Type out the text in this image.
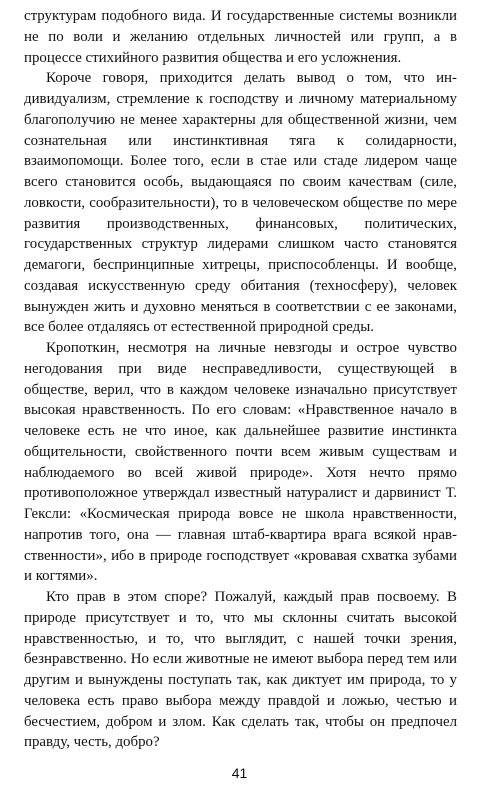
структурам подобного вида. И государственные системы возникли не по воли и желанию отдельных личностей или групп, а в процессе стихийного развития общества и его усложнения.

Короче говоря, приходится делать вывод о том, что индивидуализм, стремление к господству и личному материальному благополучию не менее характерны для общественной жизни, чем сознательная или инстинктивная тяга к солидарности, взаимопомощи. Более того, если в стае или стаде лидером чаще всего становится особь, выдающаяся по своим качествам (силе, ловкости, сообразительности), то в человеческом обществе по мере развития производственных, финансовых, политических, государственных структур лидерами слишком часто становятся демагоги, беспринципные хитрецы, приспособленцы. И вообще, создавая искусственную среду обитания (техносферу), человек вынужден жить и духовно меняться в соответствии с ее законами, все более отдаляясь от естественной природной среды.

Кропоткин, несмотря на личные невзгоды и острое чувство негодования при виде несправедливости, существующей в обществе, верил, что в каждом человеке изначально присутствует высокая нравственность. По его словам: «Нравственное начало в человеке есть не что иное, как дальнейшее развитие инстинкта общительности, свойственного почти всем живым существам и наблюдаемого во всей живой природе». Хотя нечто прямо противоположное утверждал известный натуралист и дарвинист Т. Гексли: «Космическая природа вовсе не школа нравственности, напротив того, она — главная штаб-квартира врага всякой нравственности», ибо в природе господствует «кровавая схватка зубами и когтями».

Кто прав в этом споре? Пожалуй, каждый прав посвоему. В природе присутствует и то, что мы склонны считать высокой нравственностью, и то, что выглядит, с нашей точки зрения, безнравственно. Но если животные не имеют выбора перед тем или другим и вынуждены поступать так, как диктует им природа, то у человека есть право выбора между правдой и ложью, честью и бесчестием, добром и злом. Как сделать так, чтобы он предпочел правду, честь, добро?

41
